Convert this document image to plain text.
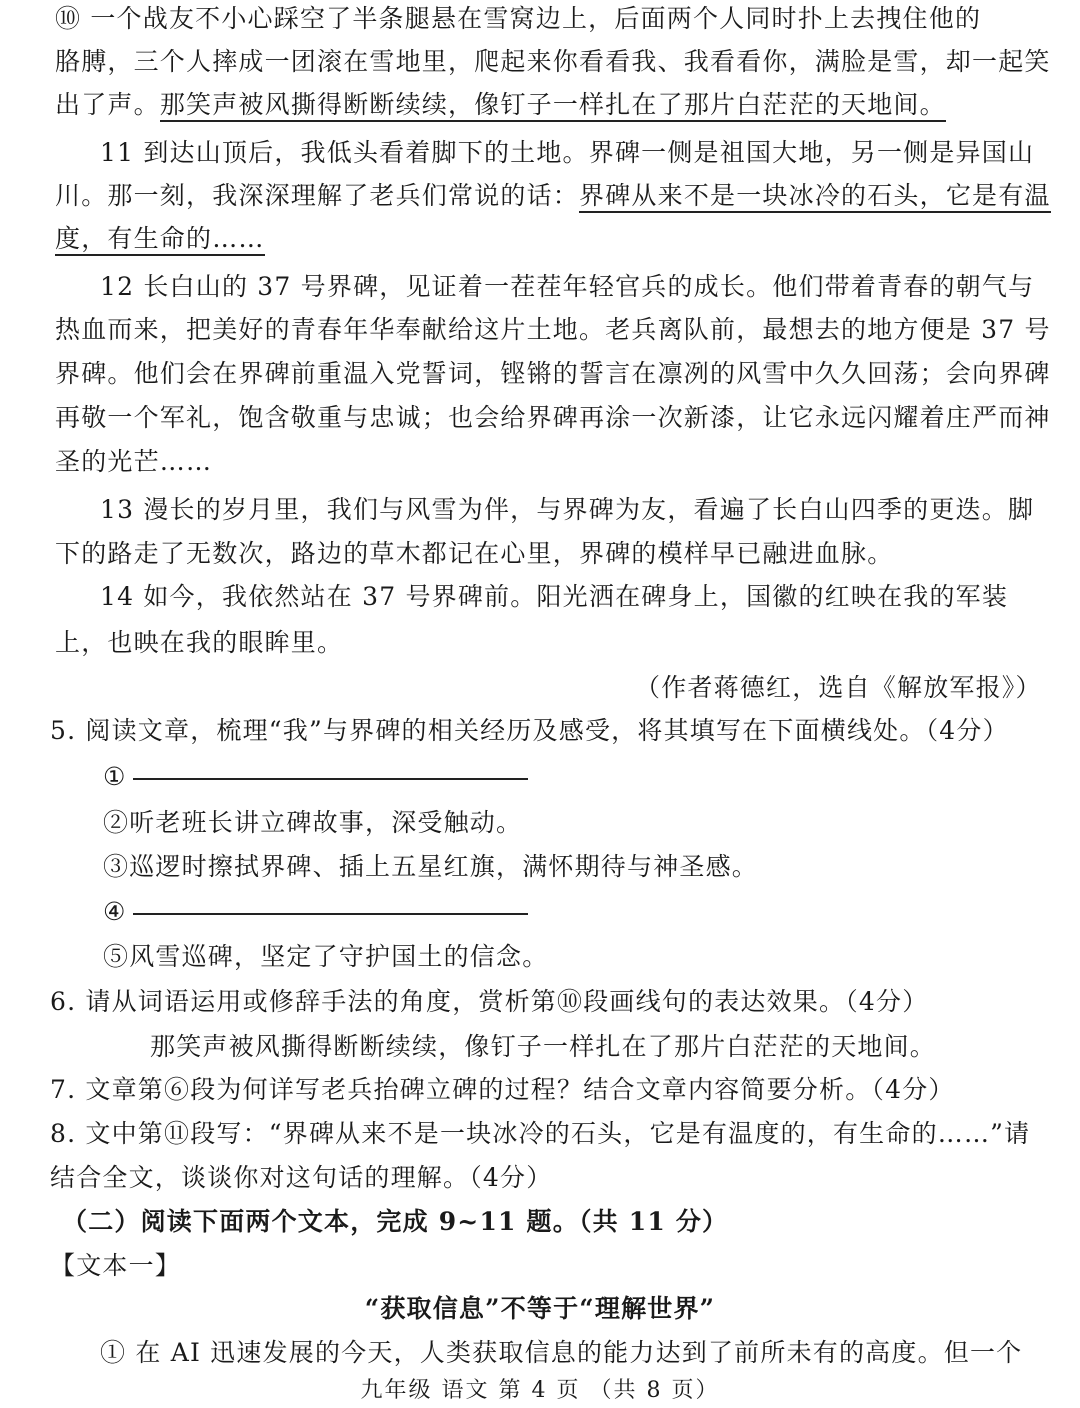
⑩ 一个战友不小心踩空了半条腿悬在雪窝边上，后面两个人同时扑上去拽住他的
胳膊，三个人摔成一团滚在雪地里，爬起来你看看我、我看看你，满脸是雪，却一起笑
出了声。那笑声被风撕得断断续续，像钉子一样扎在了那片白茫茫的天地间。
11 到达山顶后，我低头看着脚下的土地。界碑一侧是祖国大地，另一侧是异国山
川。那一刻，我深深理解了老兵们常说的话：界碑从来不是一块冰冷的石头，它是有温
度，有生命的……
12 长白山的 37 号界碑，见证着一茬茬年轻官兵的成长。他们带着青春的朝气与
热血而来，把美好的青春年华奉献给这片土地。老兵离队前，最想去的地方便是 37 号
界碑。他们会在界碑前重温入党誓词，铿锵的誓言在凛冽的风雪中久久回荡；会向界碑
再敬一个军礼，饱含敬重与忠诚；也会给界碑再涂一次新漆，让它永远闪耀着庄严而神
圣的光芒……
13 漫长的岁月里，我们与风雪为伴，与界碑为友，看遍了长白山四季的更迭。脚
下的路走了无数次，路边的草木都记在心里，界碑的模样早已融进血脉。
14 如今，我依然站在 37 号界碑前。阳光洒在碑身上，国徽的红映在我的军装
上，也映在我的眼眸里。
（作者蒋德红，选自《解放军报》）
5. 阅读文章，梳理“我”与界碑的相关经历及感受，将其填写在下面横线处。（4分）
①
②听老班长讲立碑故事，深受触动。
③巡逻时擦拭界碑、插上五星红旗，满怀期待与神圣感。
④
⑤风雪巡碑，坚定了守护国土的信念。
6. 请从词语运用或修辞手法的角度，赏析第⑩段画线句的表达效果。（4分）
那笑声被风撕得断断续续，像钉子一样扎在了那片白茫茫的天地间。
7. 文章第⑥段为何详写老兵抬碑立碑的过程？结合文章内容简要分析。（4分）
8. 文中第⑪段写：“界碑从来不是一块冰冷的石头，它是有温度的，有生命的……”请
结合全文，谈谈你对这句话的理解。（4分）
（二）阅读下面两个文本，完成 9~11 题。（共 11 分）
【文本一】
“获取信息”不等于“理解世界”
① 在 AI 迅速发展的今天，人类获取信息的能力达到了前所未有的高度。但一个
九年级 语文 第 4 页 （共 8 页）
